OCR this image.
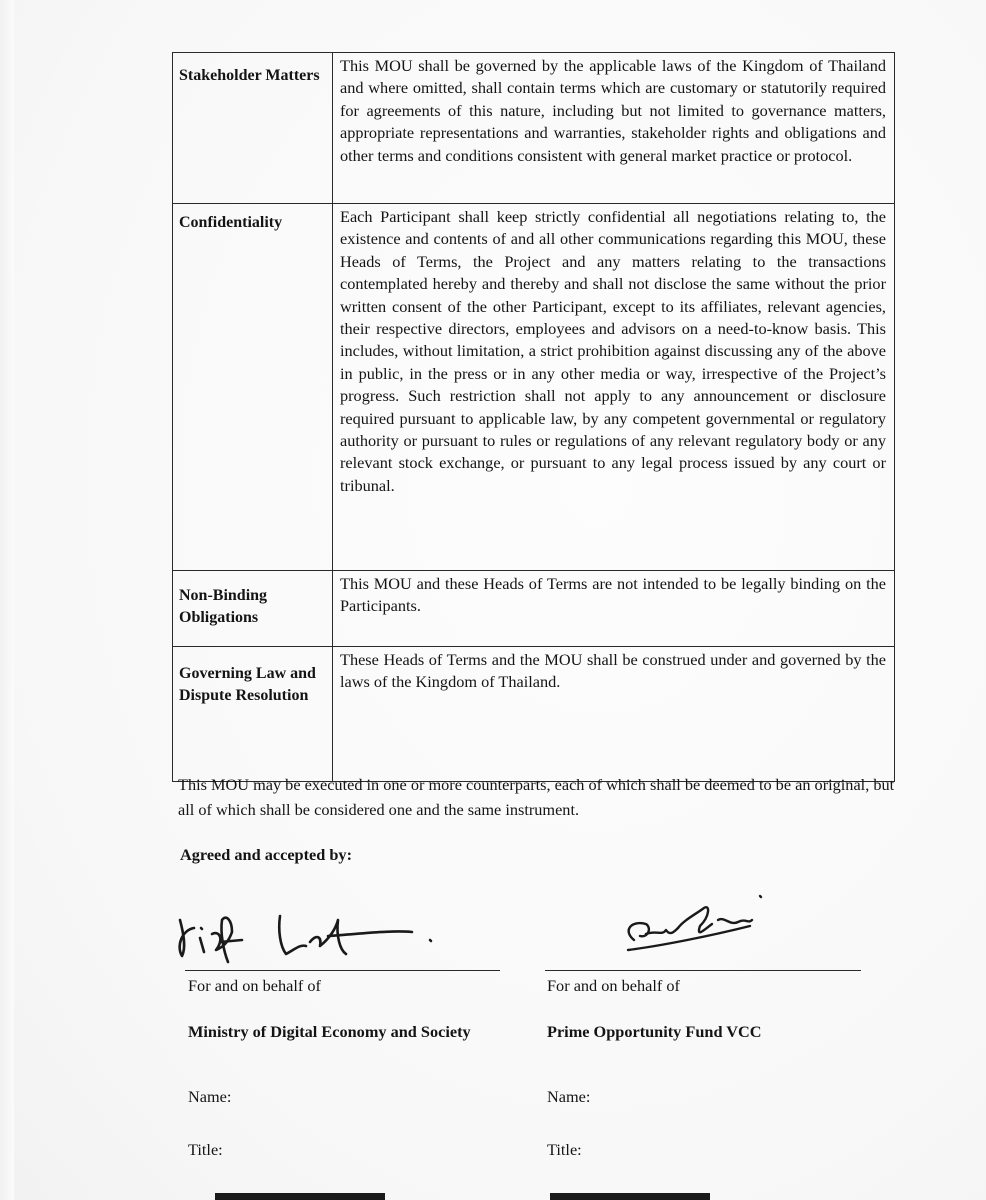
Stakeholder Matters	This MOU shall be governed by the applicable laws of the Kingdom of Thailand and where omitted, shall contain terms which are customary or statutorily required for agreements of this nature, including but not limited to governance matters, appropriate representations and warranties, stakeholder rights and obligations and other terms and conditions consistent with general market practice or protocol.
Confidentiality	Each Participant shall keep strictly confidential all negotiations relating to, the existence and contents of and all other communications regarding this MOU, these Heads of Terms, the Project and any matters relating to the transactions contemplated hereby and thereby and shall not disclose the same without the prior written consent of the other Participant, except to its affiliates, relevant agencies, their respective directors, employees and advisors on a need-to-know basis. This includes, without limitation, a strict prohibition against discussing any of the above in public, in the press or in any other media or way, irrespective of the Project’s progress. Such restriction shall not apply to any announcement or disclosure required pursuant to applicable law, by any competent governmental or regulatory authority or pursuant to rules or regulations of any relevant regulatory body or any relevant stock exchange, or pursuant to any legal process issued by any court or tribunal.
Non-Binding Obligations	This MOU and these Heads of Terms are not intended to be legally binding on the Participants.
Governing Law and Dispute Resolution	These Heads of Terms and the MOU shall be construed under and governed by the laws of the Kingdom of Thailand.
This MOU may be executed in one or more counterparts, each of which shall be deemed to be an original, but all of which shall be considered one and the same instrument.
Agreed and accepted by:
For and on behalf of	For and on behalf of
Ministry of Digital Economy and Society	Prime Opportunity Fund VCC
Name:	Name:
Title:	Title:
